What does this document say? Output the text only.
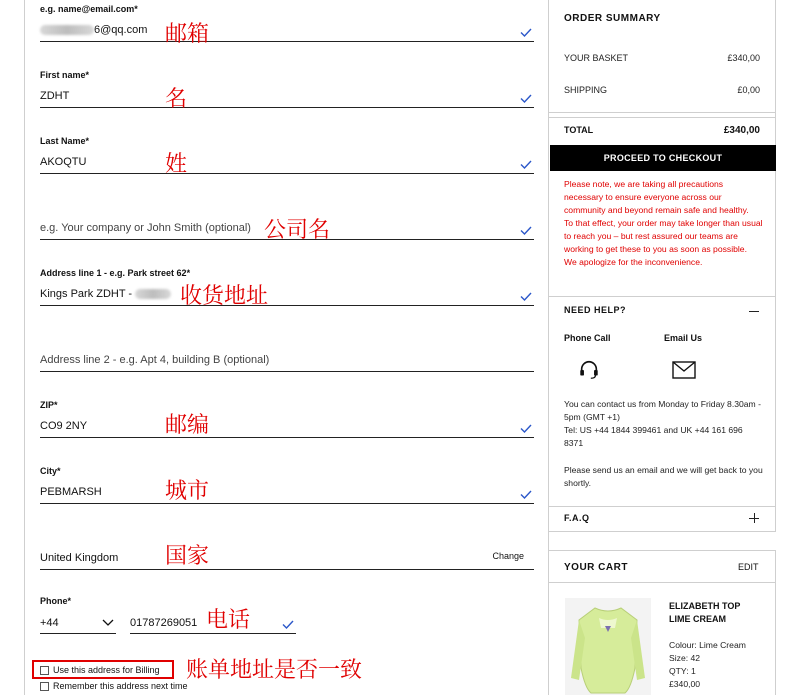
e.g. name@email.com*
6@qq.com 邮箱
First name*
ZDHT	名
Last Name*
AKOQTU	姓
e.g. Your company or John Smith (optional) 公司名
Address line 1 - e.g. Park street 62*
Kings Park ZDHT -	收货地址
Address line 2 - e.g. Apt 4, building B (optional)
ZIP*
CO9 2NY	邮编
City*
PEBMARSH	城市
United Kingdom	Change
国家
Phone*
+44	01787269051 电话
Use this address for Billing 账单地址是否一致
Remember this address next time
ORDER SUMMARY
YOUR BASKET	£340,00
SHIPPING	£0,00
TOTAL	£340,00
PROCEED TO CHECKOUT
Please note, we are taking all precautions necessary to ensure everyone across our community and beyond remain safe and healthy.
To that effect, your order may take longer than usual to reach you – but rest assured our teams are working to get these to you as soon as possible.
We apologize for the inconvenience.
NEED HELP?
Phone Call	Email Us
You can contact us from Monday to Friday 8.30am - 5pm (GMT +1)
Tel: US +44 1844 399461 and UK +44 161 696 8371
Please send us an email and we will get back to you shortly.
F.A.Q
YOUR CART	EDIT
ELIZABETH TOP
LIME CREAM
Colour: Lime Cream
Size: 42
QTY: 1
£340,00
